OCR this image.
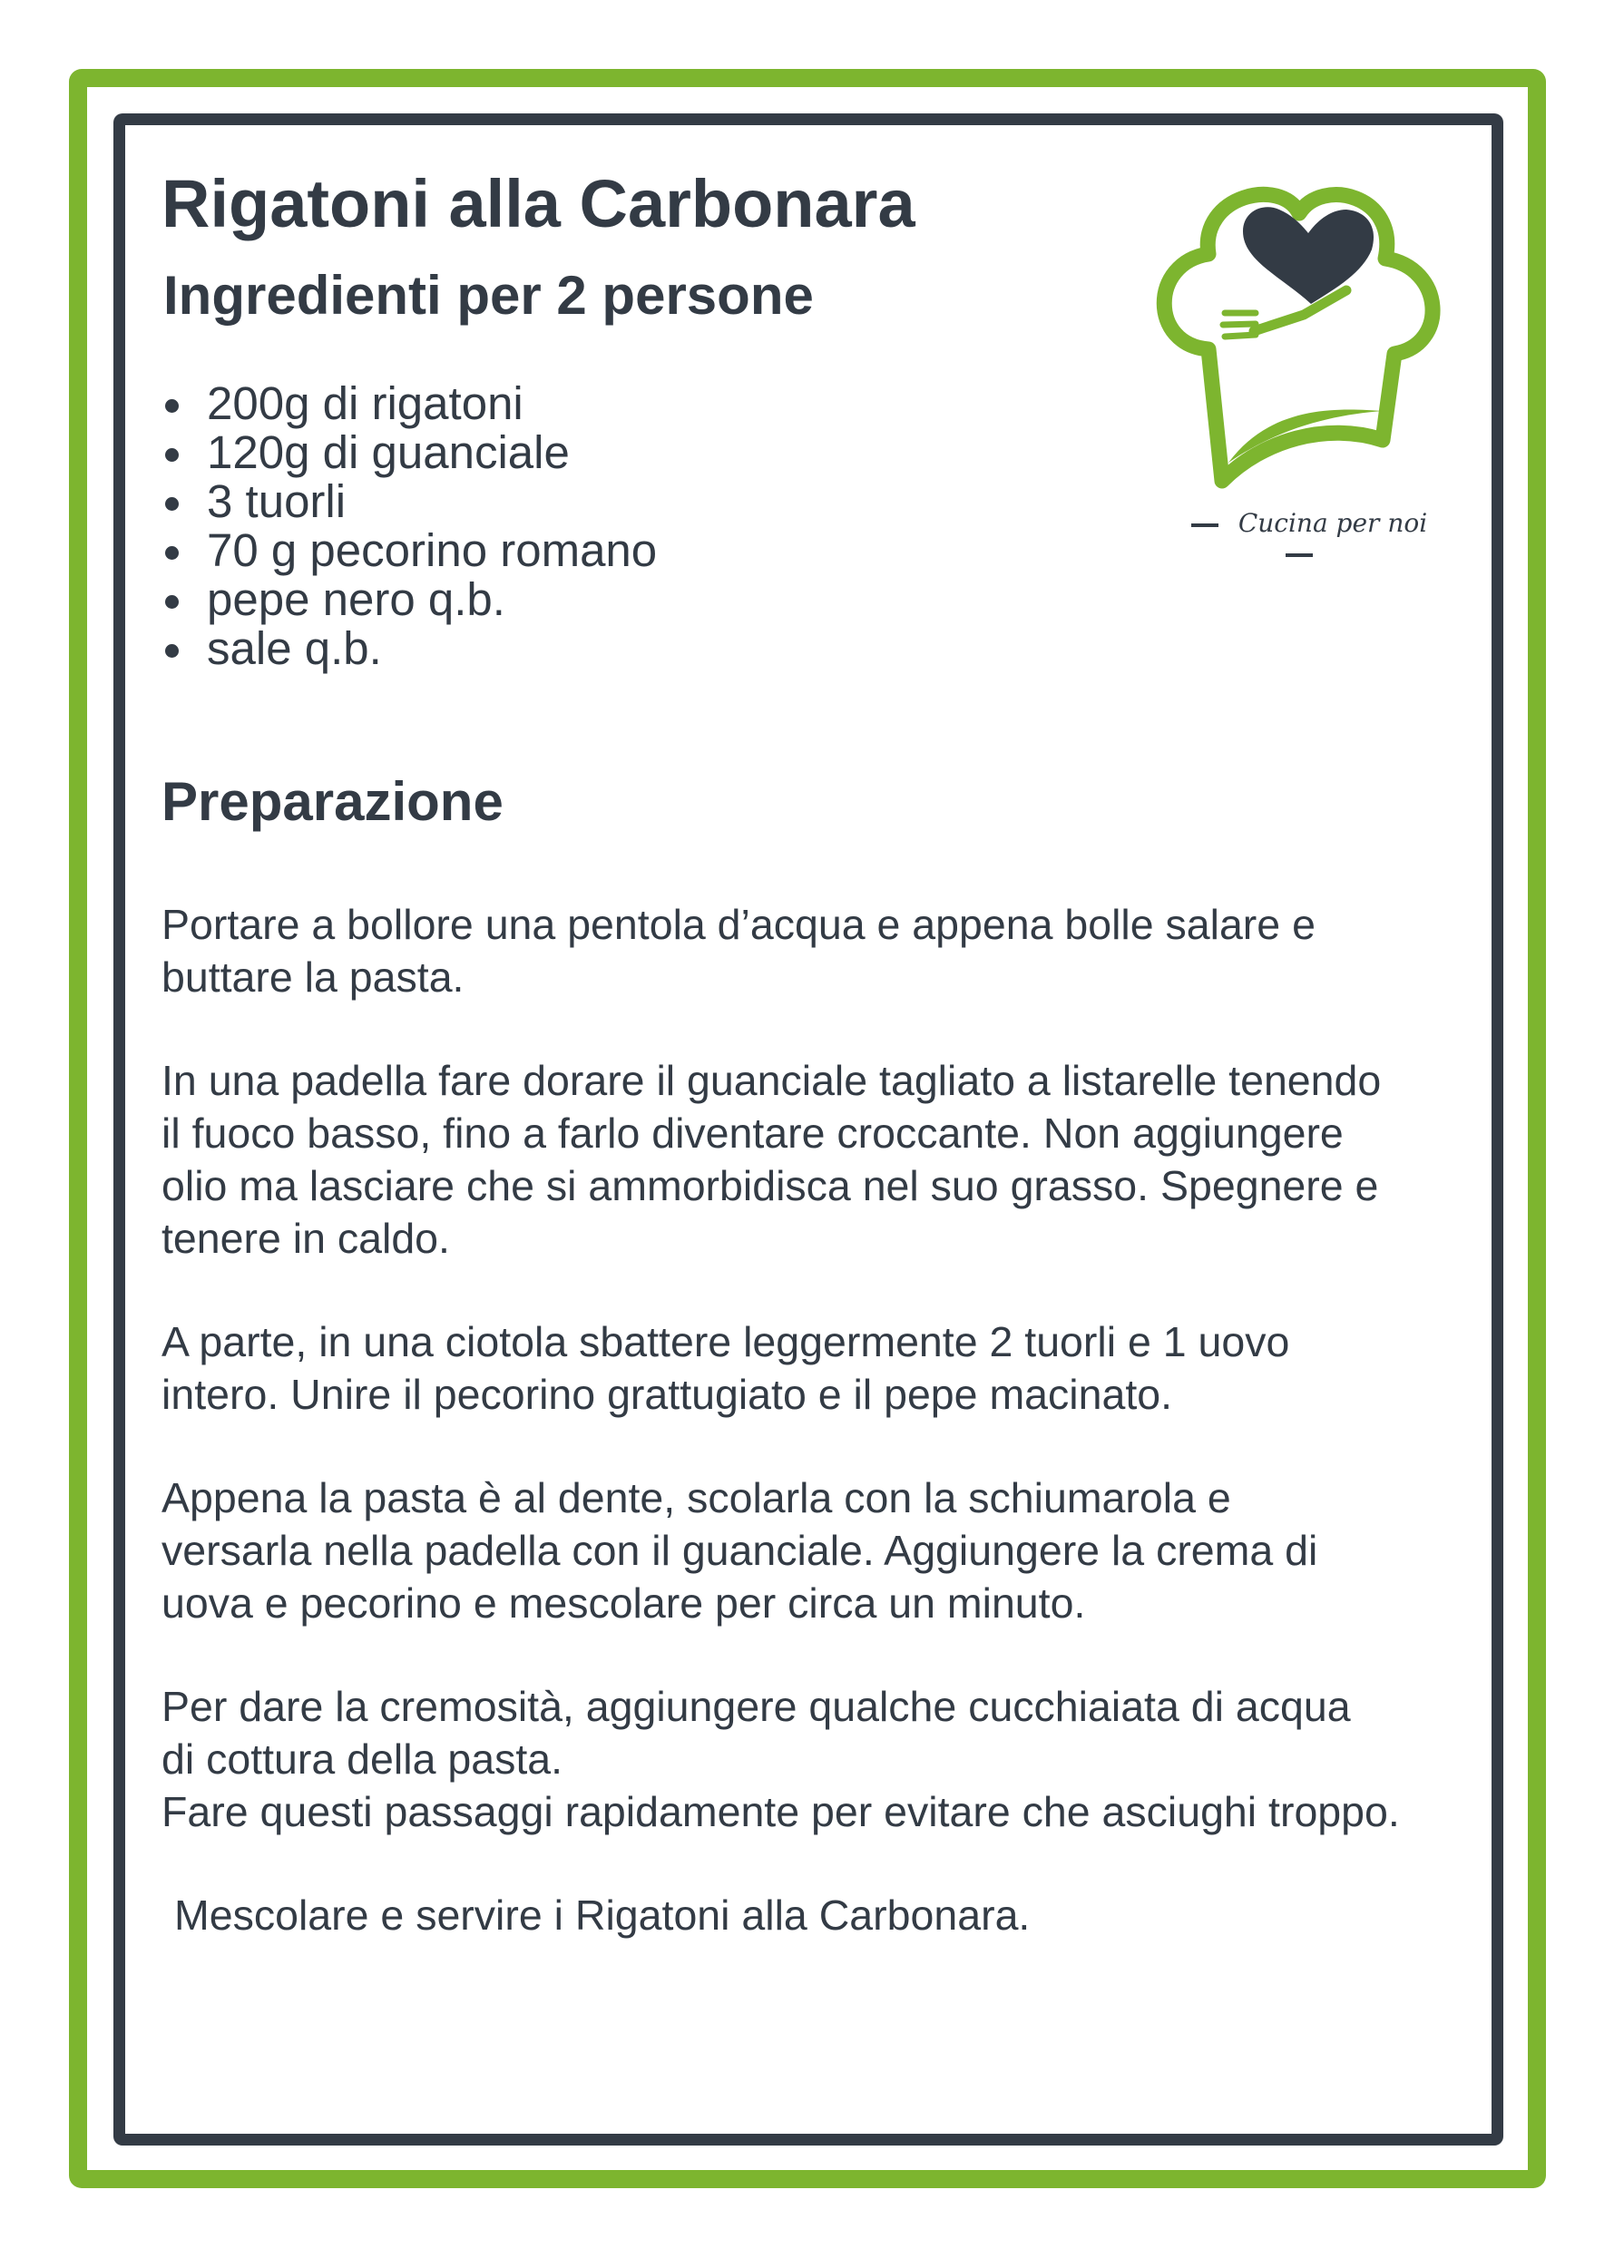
Rigatoni alla Carbonara
Ingredienti per 2 persone
200g di rigatoni
120g di guanciale
3 tuorli
70 g pecorino romano
pepe nero q.b.
sale q.b.
Cucina per noi
Preparazione

Portare a bollore una pentola d’acqua e appena bolle salare e
buttare la pasta.

In una padella fare dorare il guanciale tagliato a listarelle tenendo
il fuoco basso, fino a farlo diventare croccante. Non aggiungere
olio ma lasciare che si ammorbidisca nel suo grasso. Spegnere e
tenere in caldo.

A parte, in una ciotola sbattere leggermente 2 tuorli e 1 uovo
intero. Unire il pecorino grattugiato e il pepe macinato.

Appena la pasta è al dente, scolarla con la schiumarola e
versarla nella padella con il guanciale. Aggiungere la crema di
uova e pecorino e mescolare per circa un minuto.

Per dare la cremosità, aggiungere qualche cucchiaiata di acqua
di cottura della pasta.
Fare questi passaggi rapidamente per evitare che asciughi troppo.

Mescolare e servire i Rigatoni alla Carbonara.
